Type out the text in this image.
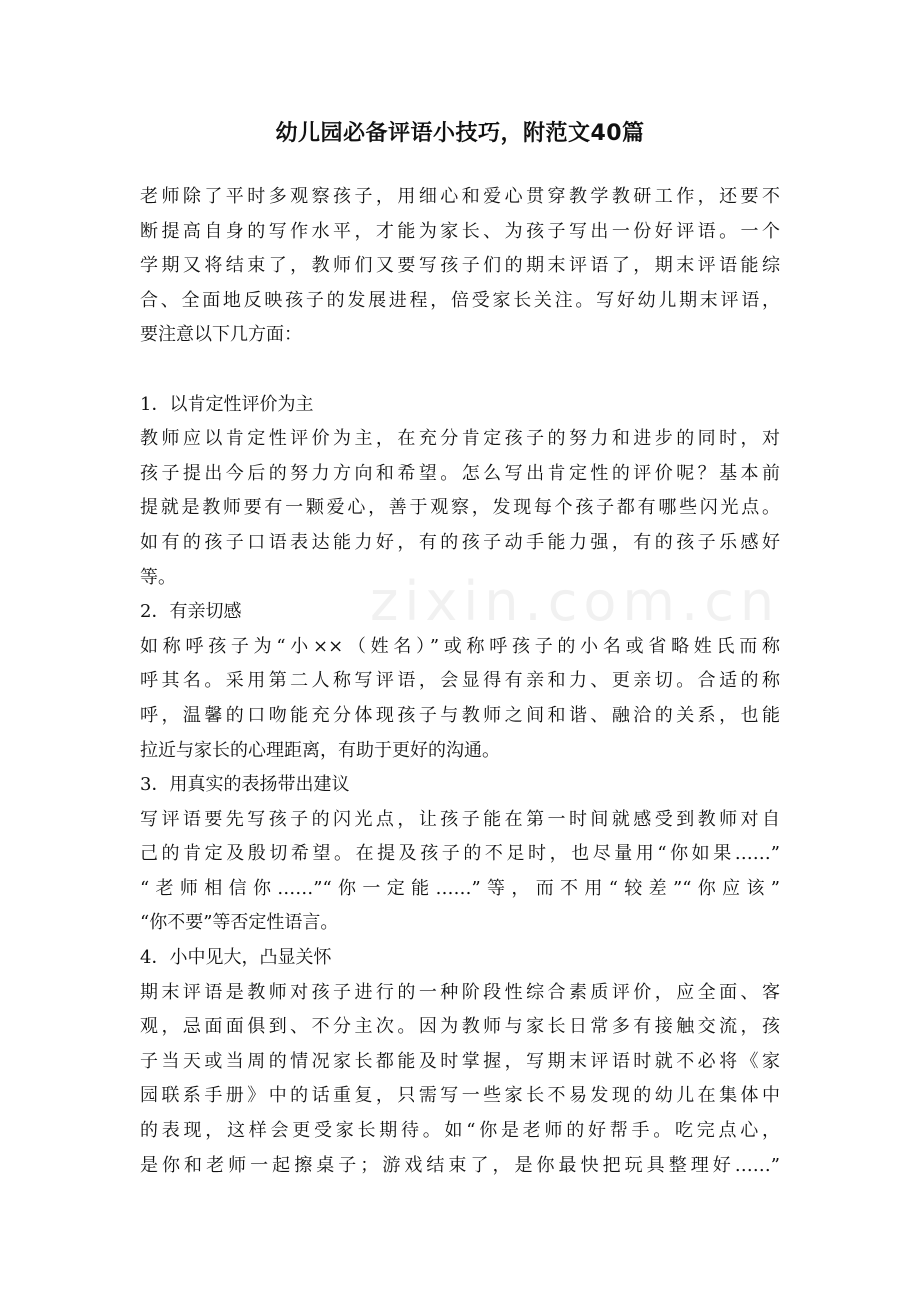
zixin.com.cn
幼儿园必备评语小技巧，附范文40篇
老师除了平时多观察孩子，用细心和爱心贯穿教学教研工作，还要不
断提高自身的写作水平，才能为家长、为孩子写出一份好评语。一个
学期又将结束了，教师们又要写孩子们的期末评语了，期末评语能综
合、全面地反映孩子的发展进程，倍受家长关注。写好幼儿期末评语，
要注意以下几方面：
1．以肯定性评价为主
教师应以肯定性评价为主，在充分肯定孩子的努力和进步的同时，对
孩子提出今后的努力方向和希望。怎么写出肯定性的评价呢？基本前
提就是教师要有一颗爱心，善于观察，发现每个孩子都有哪些闪光点。
如有的孩子口语表达能力好，有的孩子动手能力强，有的孩子乐感好
等。
2．有亲切感
如称呼孩子为“小××（姓名）”或称呼孩子的小名或省略姓氏而称
呼其名。采用第二人称写评语，会显得有亲和力、更亲切。合适的称
呼，温馨的口吻能充分体现孩子与教师之间和谐、融洽的关系，也能
拉近与家长的心理距离，有助于更好的沟通。
3．用真实的表扬带出建议
写评语要先写孩子的闪光点，让孩子能在第一时间就感受到教师对自
己的肯定及殷切希望。在提及孩子的不足时，也尽量用“你如果……”
“老师相信你……”“你一定能……”等，而不用“较差”“你应该”
“你不要”等否定性语言。
4．小中见大，凸显关怀
期末评语是教师对孩子进行的一种阶段性综合素质评价，应全面、客
观，忌面面俱到、不分主次。因为教师与家长日常多有接触交流，孩
子当天或当周的情况家长都能及时掌握，写期末评语时就不必将《家
园联系手册》中的话重复，只需写一些家长不易发现的幼儿在集体中
的表现，这样会更受家长期待。如“你是老师的好帮手。吃完点心，
是你和老师一起擦桌子；游戏结束了，是你最快把玩具整理好……”
